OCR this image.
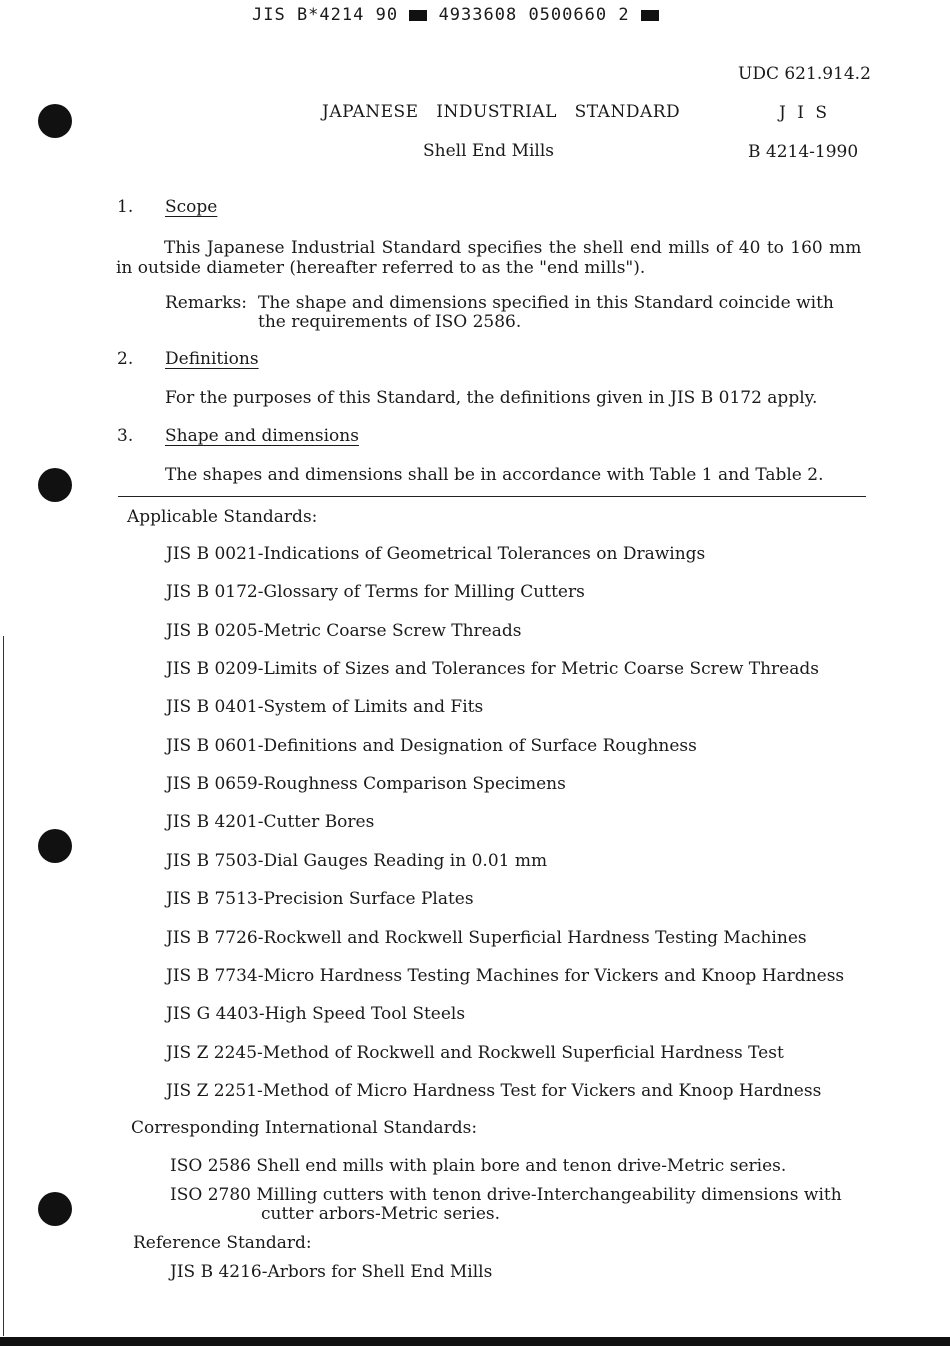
JIS B*4214 90 4933608 0500660 2
UDC 621.914.2
JAPANESE   INDUSTRIAL   STANDARD	J I S
Shell End Mills	B 4214-1990
1. Scope
This Japanese Industrial Standard specifies the shell end mills of 40 to 160 mm
in outside diameter (hereafter referred to as the "end mills").
Remarks: The shape and dimensions specified in this Standard coincide with
the requirements of ISO 2586.
2. Definitions
For the purposes of this Standard, the definitions given in JIS B 0172 apply.
3. Shape and dimensions
The shapes and dimensions shall be in accordance with Table 1 and Table 2.
Applicable Standards:
JIS B 0021-Indications of Geometrical Tolerances on Drawings
JIS B 0172-Glossary of Terms for Milling Cutters
JIS B 0205-Metric Coarse Screw Threads
JIS B 0209-Limits of Sizes and Tolerances for Metric Coarse Screw Threads
JIS B 0401-System of Limits and Fits
JIS B 0601-Definitions and Designation of Surface Roughness
JIS B 0659-Roughness Comparison Specimens
JIS B 4201-Cutter Bores
JIS B 7503-Dial Gauges Reading in 0.01 mm
JIS B 7513-Precision Surface Plates
JIS B 7726-Rockwell and Rockwell Superficial Hardness Testing Machines
JIS B 7734-Micro Hardness Testing Machines for Vickers and Knoop Hardness
JIS G 4403-High Speed Tool Steels
JIS Z 2245-Method of Rockwell and Rockwell Superficial Hardness Test
JIS Z 2251-Method of Micro Hardness Test for Vickers and Knoop Hardness
Corresponding International Standards:
ISO 2586 Shell end mills with plain bore and tenon drive-Metric series.
ISO 2780 Milling cutters with tenon drive-Interchangeability dimensions with
cutter arbors-Metric series.
Reference Standard:
JIS B 4216-Arbors for Shell End Mills
